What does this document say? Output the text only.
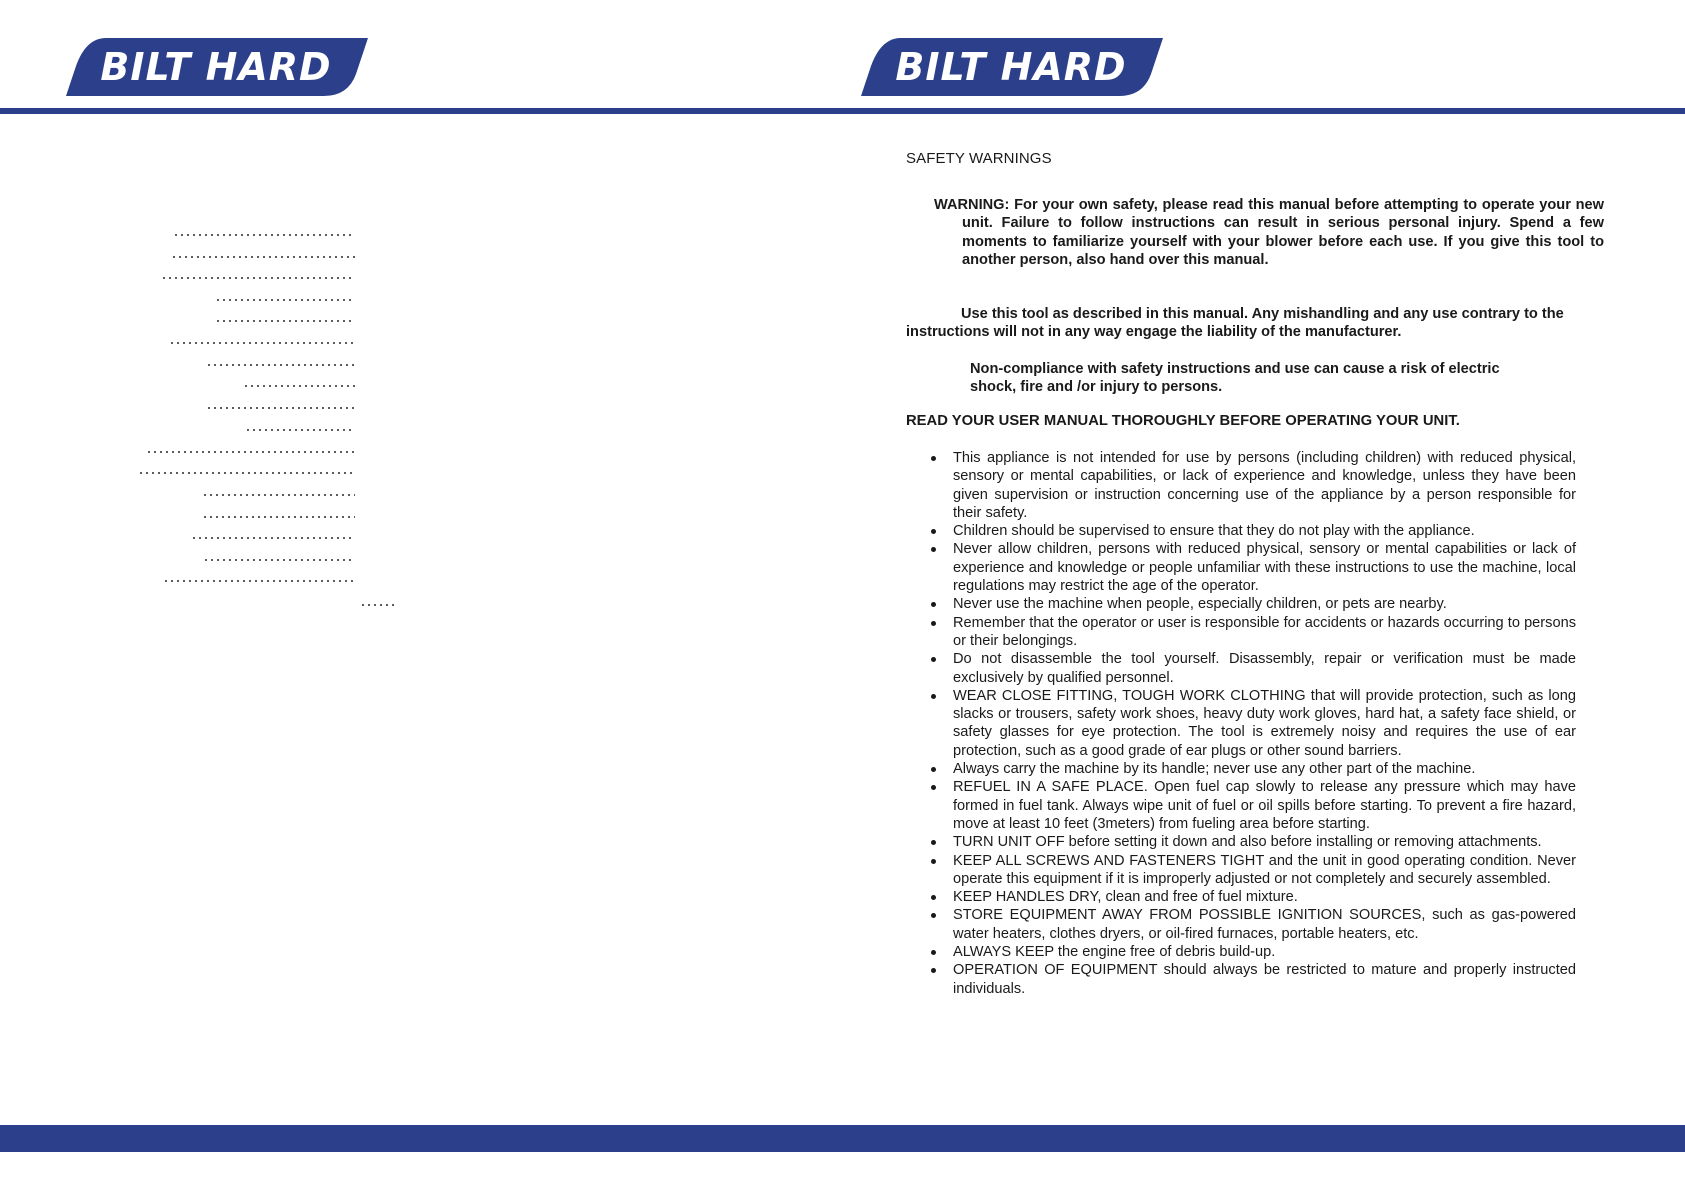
BILT HARD	BILT HARD
SAFETY WARNINGS

WARNING: For your own safety, please read this manual before attempting to operate your new unit. Failure to follow instructions can result in serious personal injury. Spend a few moments to familiarize yourself with your blower before each use. If you give this tool to another person, also hand over this manual.

Use this tool as described in this manual. Any mishandling and any use contrary to the instructions will not in any way engage the liability of the manufacturer.

Non-compliance with safety instructions and use can cause a risk of electric shock, fire and /or injury to persons.

READ YOUR USER MANUAL THOROUGHLY BEFORE OPERATING YOUR UNIT.

This appliance is not intended for use by persons (including children) with reduced physical, sensory or mental capabilities, or lack of experience and knowledge, unless they have been given supervision or instruction concerning use of the appliance by a person responsible for their safety.
Children should be supervised to ensure that they do not play with the appliance.
Never allow children, persons with reduced physical, sensory or mental capabilities or lack of experience and knowledge or people unfamiliar with these instructions to use the machine, local regulations may restrict the age of the operator.
Never use the machine when people, especially children, or pets are nearby.
Remember that the operator or user is responsible for accidents or hazards occurring to persons or their belongings.
Do not disassemble the tool yourself. Disassembly, repair or verification must be made exclusively by qualified personnel.
WEAR CLOSE FITTING, TOUGH WORK CLOTHING that will provide protection, such as long slacks or trousers, safety work shoes, heavy duty work gloves, hard hat, a safety face shield, or safety glasses for eye protection. The tool is extremely noisy and requires the use of ear protection, such as a good grade of ear plugs or other sound barriers.
Always carry the machine by its handle; never use any other part of the machine.
REFUEL IN A SAFE PLACE. Open fuel cap slowly to release any pressure which may have formed in fuel tank. Always wipe unit of fuel or oil spills before starting. To prevent a fire hazard, move at least 10 feet (3meters) from fueling area before starting.
TURN UNIT OFF before setting it down and also before installing or removing attachments.
KEEP ALL SCREWS AND FASTENERS TIGHT and the unit in good operating condition. Never operate this equipment if it is improperly adjusted or not completely and securely assembled.
KEEP HANDLES DRY, clean and free of fuel mixture.
STORE EQUIPMENT AWAY FROM POSSIBLE IGNITION SOURCES, such as gas-powered water heaters, clothes dryers, or oil-fired furnaces, portable heaters, etc.
ALWAYS KEEP the engine free of debris build-up.
OPERATION OF EQUIPMENT should always be restricted to mature and properly instructed individuals.
